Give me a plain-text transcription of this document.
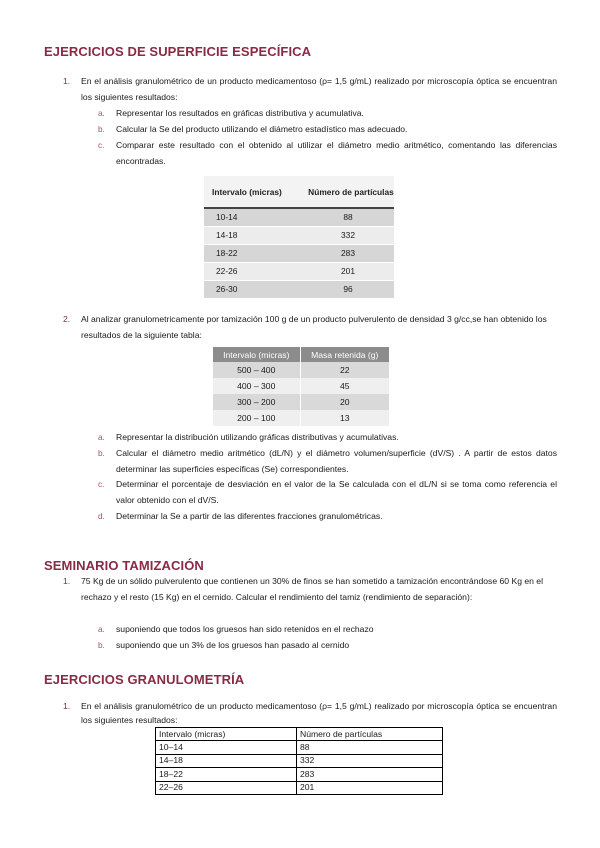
EJERCICIOS DE SUPERFICIE ESPECÍFICA
1. En el análisis granulométrico de un producto medicamentoso (ρ= 1,5 g/mL) realizado por microscopía óptica se encuentran los siguientes resultados:
a. Representar los resultados en gráficas distributiva y acumulativa.
b. Calcular la Se del producto utilizando el diámetro estadístico mas adecuado.
c. Comparar este resultado con el obtenido al utilizar el diámetro medio aritmético, comentando las diferencias encontradas.
Intervalo (micras)	Número de partículas
10-14	88
14-18	332
18-22	283
22-26	201
26-30	96
2. Al analizar granulometricamente por tamización 100 g de un producto pulverulento de densidad 3 g/cc,se han obtenido los resultados de la siguiente tabla:
Intervalo (micras)	Masa retenida (g)
500 – 400	22
400 – 300	45
300 – 200	20
200 – 100	13
a. Representar la distribución utilizando gráficas distributivas y acumulativas.
b. Calcular el diámetro medio aritmético (dL/N) y el diámetro volumen/superficie (dV/S) . A partir de estos datos determinar las superficies específicas (Se) correspondientes.
c. Determinar el porcentaje de desviación en el valor de la Se calculada con el dL/N si se toma como referencia el valor obtenido con el dV/S.
d. Determinar la Se a partir de las diferentes fracciones granulométricas.
SEMINARIO TAMIZACIÓN
1. 75 Kg de un sólido pulverulento que contienen un 30% de finos se han sometido a tamización encontrándose 60 Kg en el rechazo y el resto (15 Kg) en el cernido. Calcular el rendimiento del tamiz (rendimiento de separación):
a. suponiendo que todos los gruesos han sido retenidos en el rechazo
b. suponiendo que un 3% de los gruesos han pasado al cernido
EJERCICIOS GRANULOMETRÍA
1. En el análisis granulométrico de un producto medicamentoso (ρ= 1,5 g/mL) realizado por microscopía óptica se encuentran los siguientes resultados:
Intervalo (micras)	Número de partículas
10–14	88
14–18	332
18–22	283
22–26	201
